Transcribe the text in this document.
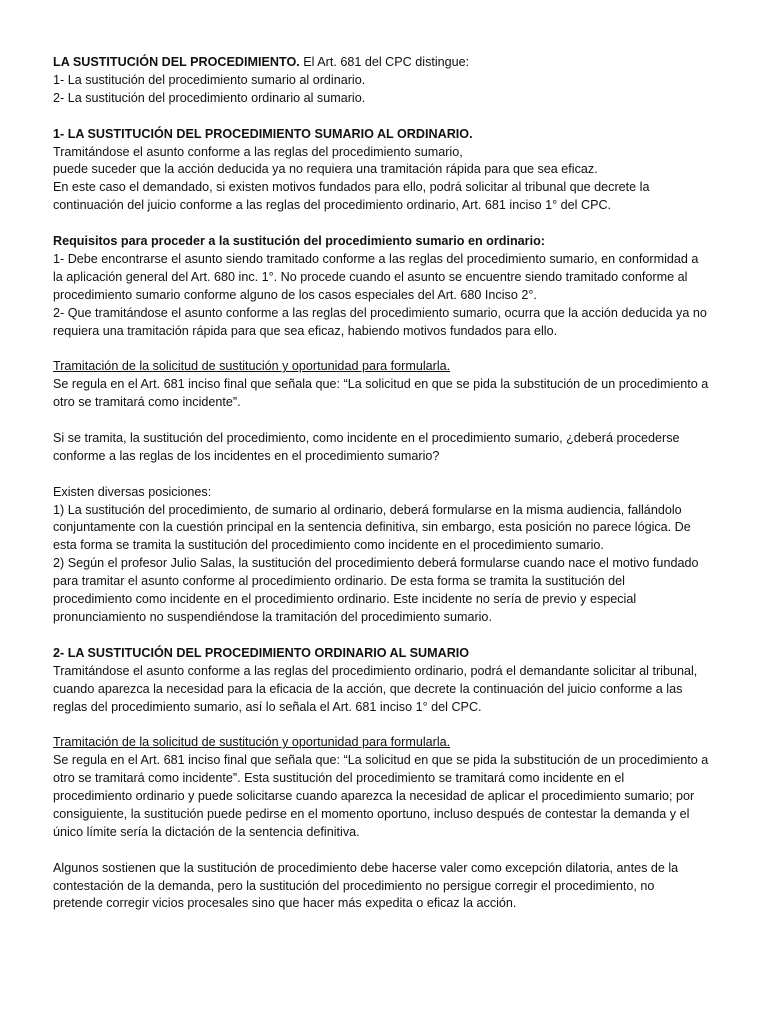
LA SUSTITUCIÓN DEL PROCEDIMIENTO. El Art. 681 del CPC distingue:
1- La sustitución del procedimiento sumario al ordinario.
2- La sustitución del procedimiento ordinario al sumario.
1- LA SUSTITUCIÓN DEL PROCEDIMIENTO SUMARIO AL ORDINARIO.
Tramitándose el asunto conforme a las reglas del procedimiento sumario,
puede suceder que la acción deducida ya no requiera una tramitación rápida para que sea eficaz.
En este caso el demandado, si existen motivos fundados para ello, podrá solicitar al tribunal que decrete la
continuación del juicio conforme a las reglas del procedimiento ordinario, Art. 681 inciso 1° del CPC.
Requisitos para proceder a la sustitución del procedimiento sumario en ordinario:
1- Debe encontrarse el asunto siendo tramitado conforme a las reglas del procedimiento sumario, en conformidad a
la aplicación general del Art. 680 inc. 1°. No procede cuando el asunto se encuentre siendo tramitado conforme al
procedimiento sumario conforme alguno de los casos especiales del Art. 680 Inciso 2°.
2- Que tramitándose el asunto conforme a las reglas del procedimiento sumario, ocurra que la acción deducida ya no
requiera una tramitación rápida para que sea eficaz, habiendo motivos fundados para ello.
Tramitación de la solicitud de sustitución y oportunidad para formularla.
Se regula en el Art. 681 inciso final que señala que: “La solicitud en que se pida la substitución de un procedimiento a
otro se tramitará como incidente”.
Si se tramita, la sustitución del procedimiento, como incidente en el procedimiento sumario, ¿deberá procederse
conforme a las reglas de los incidentes en el procedimiento sumario?
Existen diversas posiciones:
1) La sustitución del procedimiento, de sumario al ordinario, deberá formularse en la misma audiencia, fallándolo
conjuntamente con la cuestión principal en la sentencia definitiva, sin embargo, esta posición no parece lógica. De
esta forma se tramita la sustitución del procedimiento como incidente en el procedimiento sumario.
2) Según el profesor Julio Salas, la sustitución del procedimiento deberá formularse cuando nace el motivo fundado
para tramitar el asunto conforme al procedimiento ordinario. De esta forma se tramita la sustitución del
procedimiento como incidente en el procedimiento ordinario. Este incidente no sería de previo y especial
pronunciamiento no suspendiéndose la tramitación del procedimiento sumario.
2- LA SUSTITUCIÓN DEL PROCEDIMIENTO ORDINARIO AL SUMARIO
Tramitándose el asunto conforme a las reglas del procedimiento ordinario, podrá el demandante solicitar al tribunal,
cuando aparezca la necesidad para la eficacia de la acción, que decrete la continuación del juicio conforme a las
reglas del procedimiento sumario, así lo señala el Art. 681 inciso 1° del CPC.
Tramitación de la solicitud de sustitución y oportunidad para formularla.
Se regula en el Art. 681 inciso final que señala que: “La solicitud en que se pida la substitución de un procedimiento a
otro se tramitará como incidente”. Esta sustitución del procedimiento se tramitará como incidente en el
procedimiento ordinario y puede solicitarse cuando aparezca la necesidad de aplicar el procedimiento sumario; por
consiguiente, la sustitución puede pedirse en el momento oportuno, incluso después de contestar la demanda y el
único límite sería la dictación de la sentencia definitiva.
Algunos sostienen que la sustitución de procedimiento debe hacerse valer como excepción dilatoria, antes de la
contestación de la demanda, pero la sustitución del procedimiento no persigue corregir el procedimiento, no
pretende corregir vicios procesales sino que hacer más expedita o eficaz la acción.
